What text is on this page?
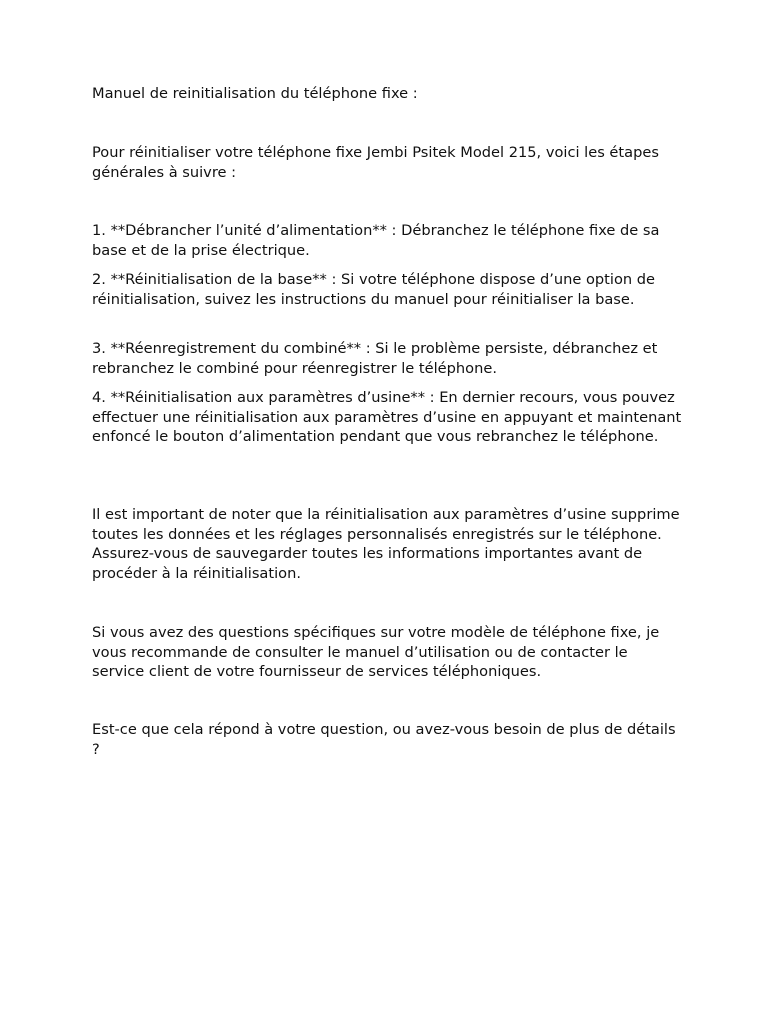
Manuel de reinitialisation du téléphone fixe :

Pour réinitialiser votre téléphone fixe Jembi Psitek Model 215, voici les étapes générales à suivre :

1. **Débrancher l’unité d’alimentation** : Débranchez le téléphone fixe de sa base et de la prise électrique.

2. **Réinitialisation de la base** : Si votre téléphone dispose d’une option de réinitialisation, suivez les instructions du manuel pour réinitialiser la base.

3. **Réenregistrement du combiné** : Si le problème persiste, débranchez et rebranchez le combiné pour réenregistrer le téléphone.

4. **Réinitialisation aux paramètres d’usine** : En dernier recours, vous pouvez effectuer une réinitialisation aux paramètres d’usine en appuyant et maintenant enfoncé le bouton d’alimentation pendant que vous rebranchez le téléphone.

Il est important de noter que la réinitialisation aux paramètres d’usine supprime toutes les données et les réglages personnalisés enregistrés sur le téléphone. Assurez-vous de sauvegarder toutes les informations importantes avant de procéder à la réinitialisation.

Si vous avez des questions spécifiques sur votre modèle de téléphone fixe, je vous recommande de consulter le manuel d’utilisation ou de contacter le service client de votre fournisseur de services téléphoniques.

Est-ce que cela répond à votre question, ou avez-vous besoin de plus de détails ?
